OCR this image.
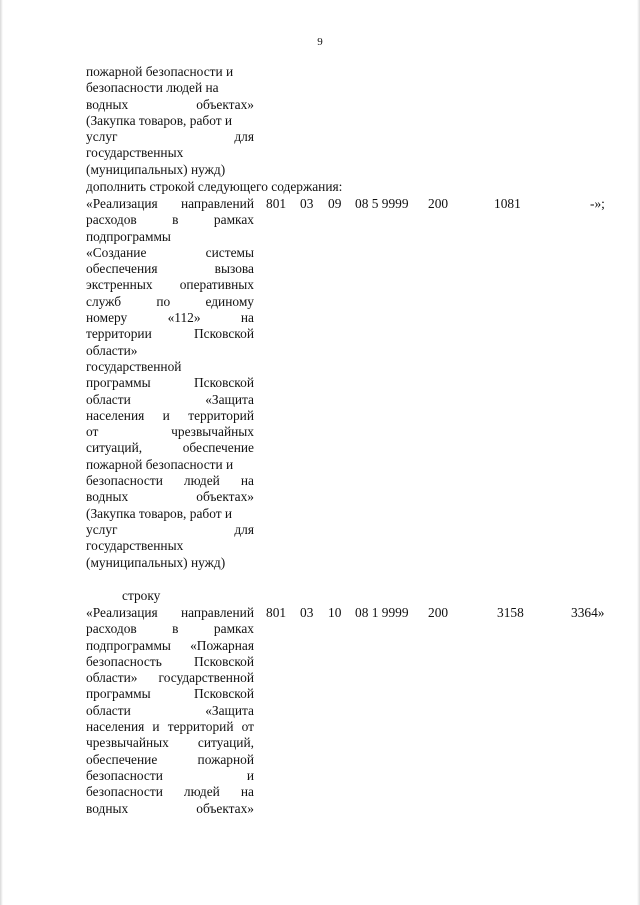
9
пожарной безопасности и
безопасности людей на
водных объектах»
(Закупка товаров, работ и
услуг для
государственных
(муниципальных) нужд)
дополнить строкой следующего содержания:
«Реализация направлений
расходов в рамках
подпрограммы
«Создание системы
обеспечения вызова
экстренных оперативных
служб по единому
номеру «112» на
территории Псковской
области»
государственной
программы Псковской
области «Защита
населения и территорий
от чрезвычайных
ситуаций, обеспечение
пожарной безопасности и
безопасности людей на
водных объектах»
(Закупка товаров, работ и
услуг для
государственных
(муниципальных) нужд)
801 03 09 08 5 9999 200	1081	-»;
строку
«Реализация направлений
расходов в рамках
подпрограммы «Пожарная
безопасность Псковской
области» государственной
программы Псковской
области «Защита
населения и территорий от
чрезвычайных ситуаций,
обеспечение пожарной
безопасности и
безопасности людей на
водных объектах»
801 03 10 08 1 9999 200	3158	3364»
